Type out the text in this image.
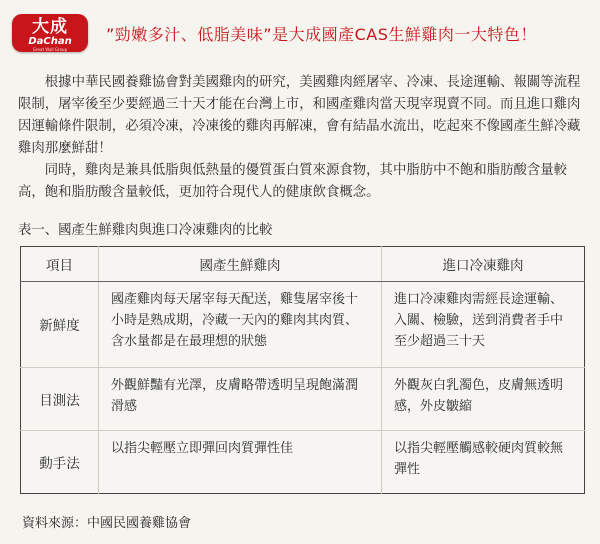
大成
DaChan
Great Wall Group
”勁嫩多汁、低脂美味”是大成國產CAS生鮮雞肉一大特色！

根據中華民國養雞協會對美國雞肉的研究，美國雞肉經屠宰、冷凍、長途運輸、報關等流程限制，屠宰後至少要經過三十天才能在台灣上市，和國產雞肉當天現宰現賣不同。而且進口雞肉因運輸條件限制，必須冷凍，冷凍後的雞肉再解凍，會有結晶水流出，吃起來不像國產生鮮冷藏雞肉那麼鮮甜！

同時，雞肉是兼具低脂與低熱量的優質蛋白質來源食物，其中脂肪中不飽和脂肪酸含量較高，飽和脂肪酸含量較低，更加符合現代人的健康飲食概念。

表一、國產生鮮雞肉與進口冷凍雞肉的比較

項目	國產生鮮雞肉	進口冷凍雞肉
新鮮度	國產雞肉每天屠宰每天配送，雞隻屠宰後十小時是熟成期，冷藏一天內的雞肉其肉質、含水量都是在最理想的狀態	進口冷凍雞肉需經長途運輸、入關、檢驗，送到消費者手中至少超過三十天
目測法	外觀鮮豔有光澤，皮膚略帶透明呈現飽滿潤滑感	外觀灰白乳濁色，皮膚無透明感，外皮皺縮
動手法	以指尖輕壓立即彈回肉質彈性佳	以指尖輕壓觸感較硬肉質較無彈性

資料來源：中國民國養雞協會
